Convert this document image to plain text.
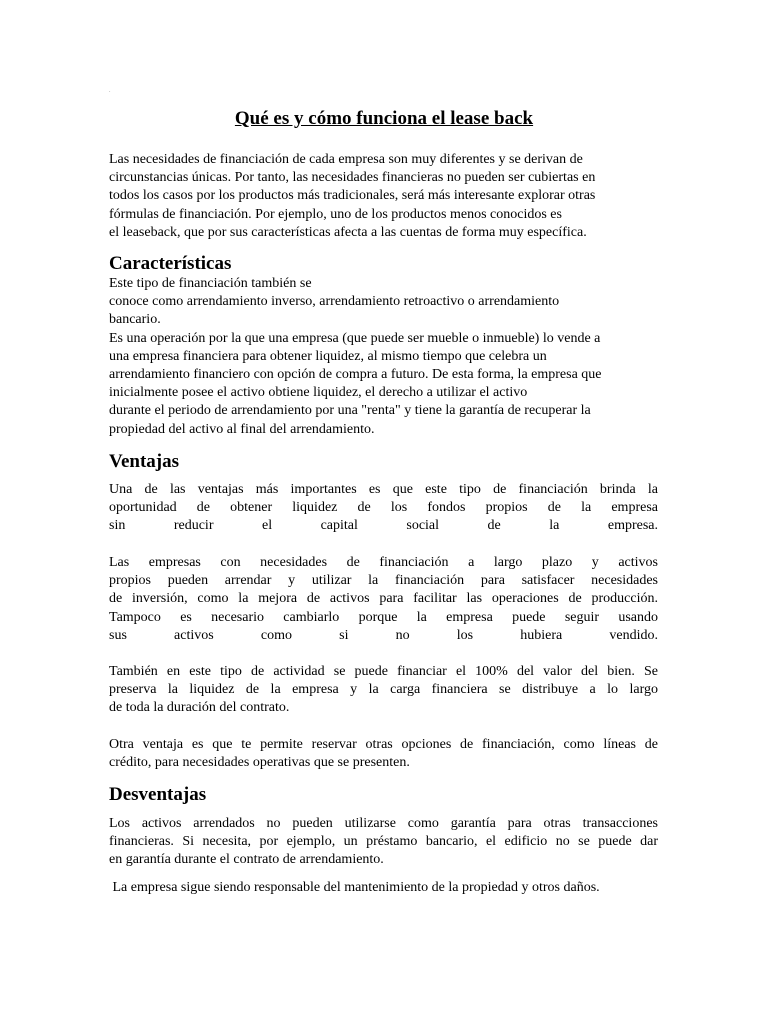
.
Qué es y cómo funciona el lease back
Las necesidades de financiación de cada empresa son muy diferentes y se derivan de
circunstancias únicas. Por tanto, las necesidades financieras no pueden ser cubiertas en
todos los casos por los productos más tradicionales, será más interesante explorar otras
fórmulas de financiación. Por ejemplo, uno de los productos menos conocidos es
el leaseback, que por sus características afecta a las cuentas de forma muy específica.
Características
Este tipo de financiación también se
conoce como arrendamiento inverso, arrendamiento retroactivo o arrendamiento
bancario.
Es una operación por la que una empresa (que puede ser mueble o inmueble) lo vende a
una empresa financiera para obtener liquidez, al mismo tiempo que celebra un
arrendamiento financiero con opción de compra a futuro. De esta forma, la empresa que
inicialmente posee el activo obtiene liquidez, el derecho a utilizar el activo
durante el periodo de arrendamiento por una "renta" y tiene la garantía de recuperar la
propiedad del activo al final del arrendamiento.
Ventajas
Una de las ventajas más importantes es que este tipo de financiación brinda la
oportunidad de obtener liquidez de los fondos propios de la empresa
sin reducir el capital social de la empresa.
Las empresas con necesidades de financiación a largo plazo y activos
propios pueden arrendar y utilizar la financiación para satisfacer necesidades
de inversión, como la mejora de activos para facilitar las operaciones de producción.
Tampoco es necesario cambiarlo porque la empresa puede seguir usando
sus activos como si no los hubiera vendido.
También en este tipo de actividad se puede financiar el 100% del valor del bien. Se
preserva la liquidez de la empresa y la carga financiera se distribuye a lo largo
de toda la duración del contrato.
Otra ventaja es que te permite reservar otras opciones de financiación, como líneas de
crédito, para necesidades operativas que se presenten.
Desventajas
Los activos arrendados no pueden utilizarse como garantía para otras transacciones
financieras. Si necesita, por ejemplo, un préstamo bancario, el edificio no se puede dar
en garantía durante el contrato de arrendamiento.
La empresa sigue siendo responsable del mantenimiento de la propiedad y otros daños.
